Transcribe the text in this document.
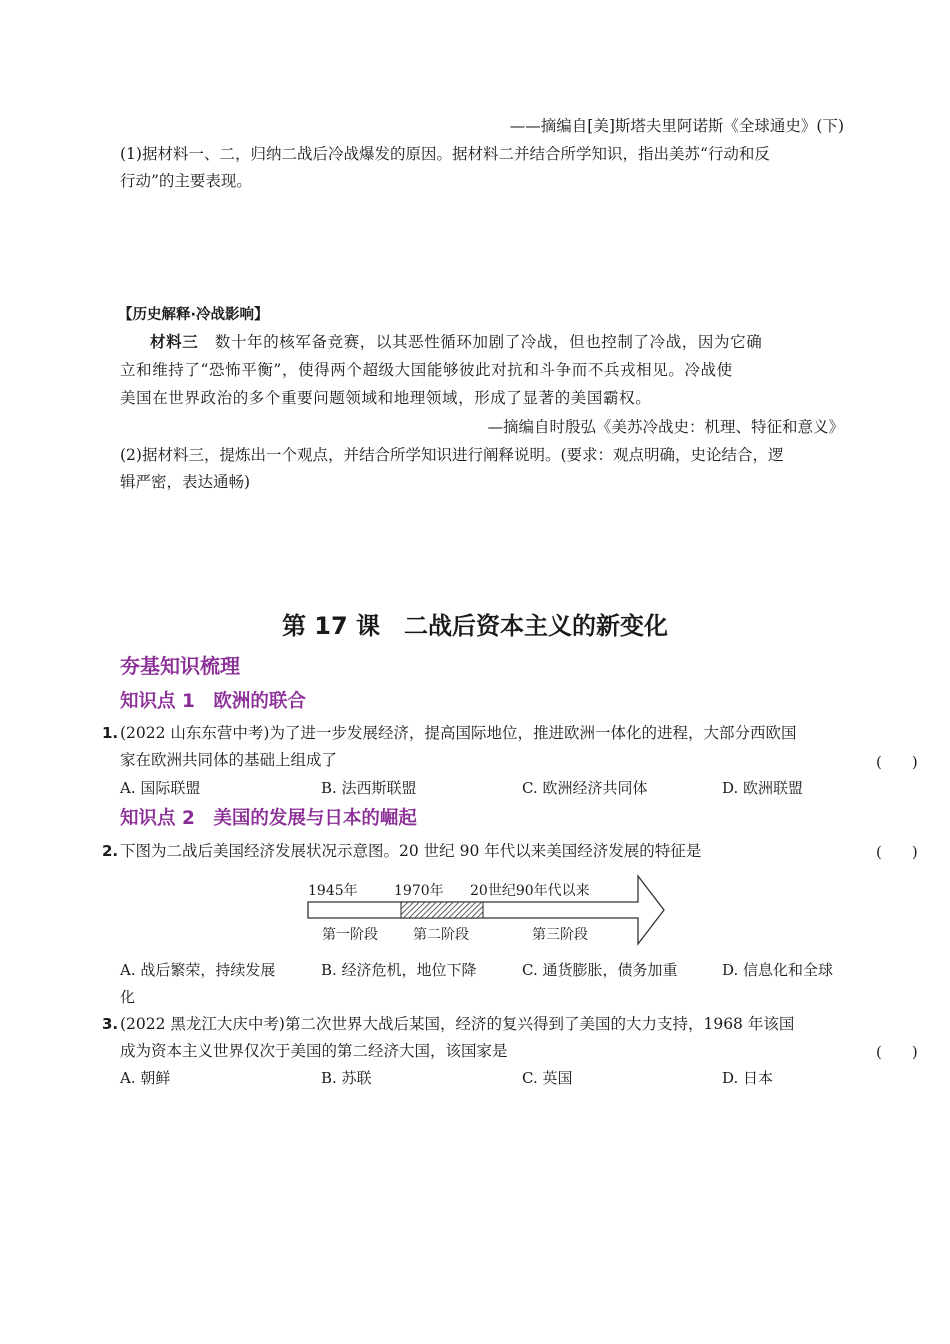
——摘编自[美]斯塔夫里阿诺斯《全球通史》(下)
(1)据材料一、二，归纳二战后冷战爆发的原因。据材料二并结合所学知识，指出美苏“行动和反
行动”的主要表现。
【历史解释·冷战影响】
材料三 数十年的核军备竞赛，以其恶性循环加剧了冷战，但也控制了冷战，因为它确
立和维持了“恐怖平衡”，使得两个超级大国能够彼此对抗和斗争而不兵戎相见。冷战使
美国在世界政治的多个重要问题领域和地理领域，形成了显著的美国霸权。
—摘编自时殷弘《美苏冷战史：机理、特征和意义》
(2)据材料三，提炼出一个观点，并结合所学知识进行阐释说明。(要求：观点明确，史论结合，逻
辑严密，表达通畅)
第 17 课　二战后资本主义的新变化
夯基知识梳理
知识点 1　欧洲的联合
1. (2022 山东东营中考)为了进一步发展经济，提高国际地位，推进欧洲一体化的进程，大部分西欧国
家在欧洲共同体的基础上组成了	(　　)
A. 国际联盟	B. 法西斯联盟	C. 欧洲经济共同体	D. 欧洲联盟
知识点 2　美国的发展与日本的崛起
2. 下图为二战后美国经济发展状况示意图。20 世纪 90 年代以来美国经济发展的特征是	(　　)
1945年	1970年 20世纪90年代以来
第一阶段	第二阶段	第三阶段
A. 战后繁荣，持续发展	B. 经济危机，地位下降	C. 通货膨胀，债务加重	D. 信息化和全球
化
3. (2022 黑龙江大庆中考)第二次世界大战后某国，经济的复兴得到了美国的大力支持，1968 年该国
成为资本主义世界仅次于美国的第二经济大国，该国家是	(　　)
A. 朝鲜	B. 苏联	C. 英国	D. 日本
